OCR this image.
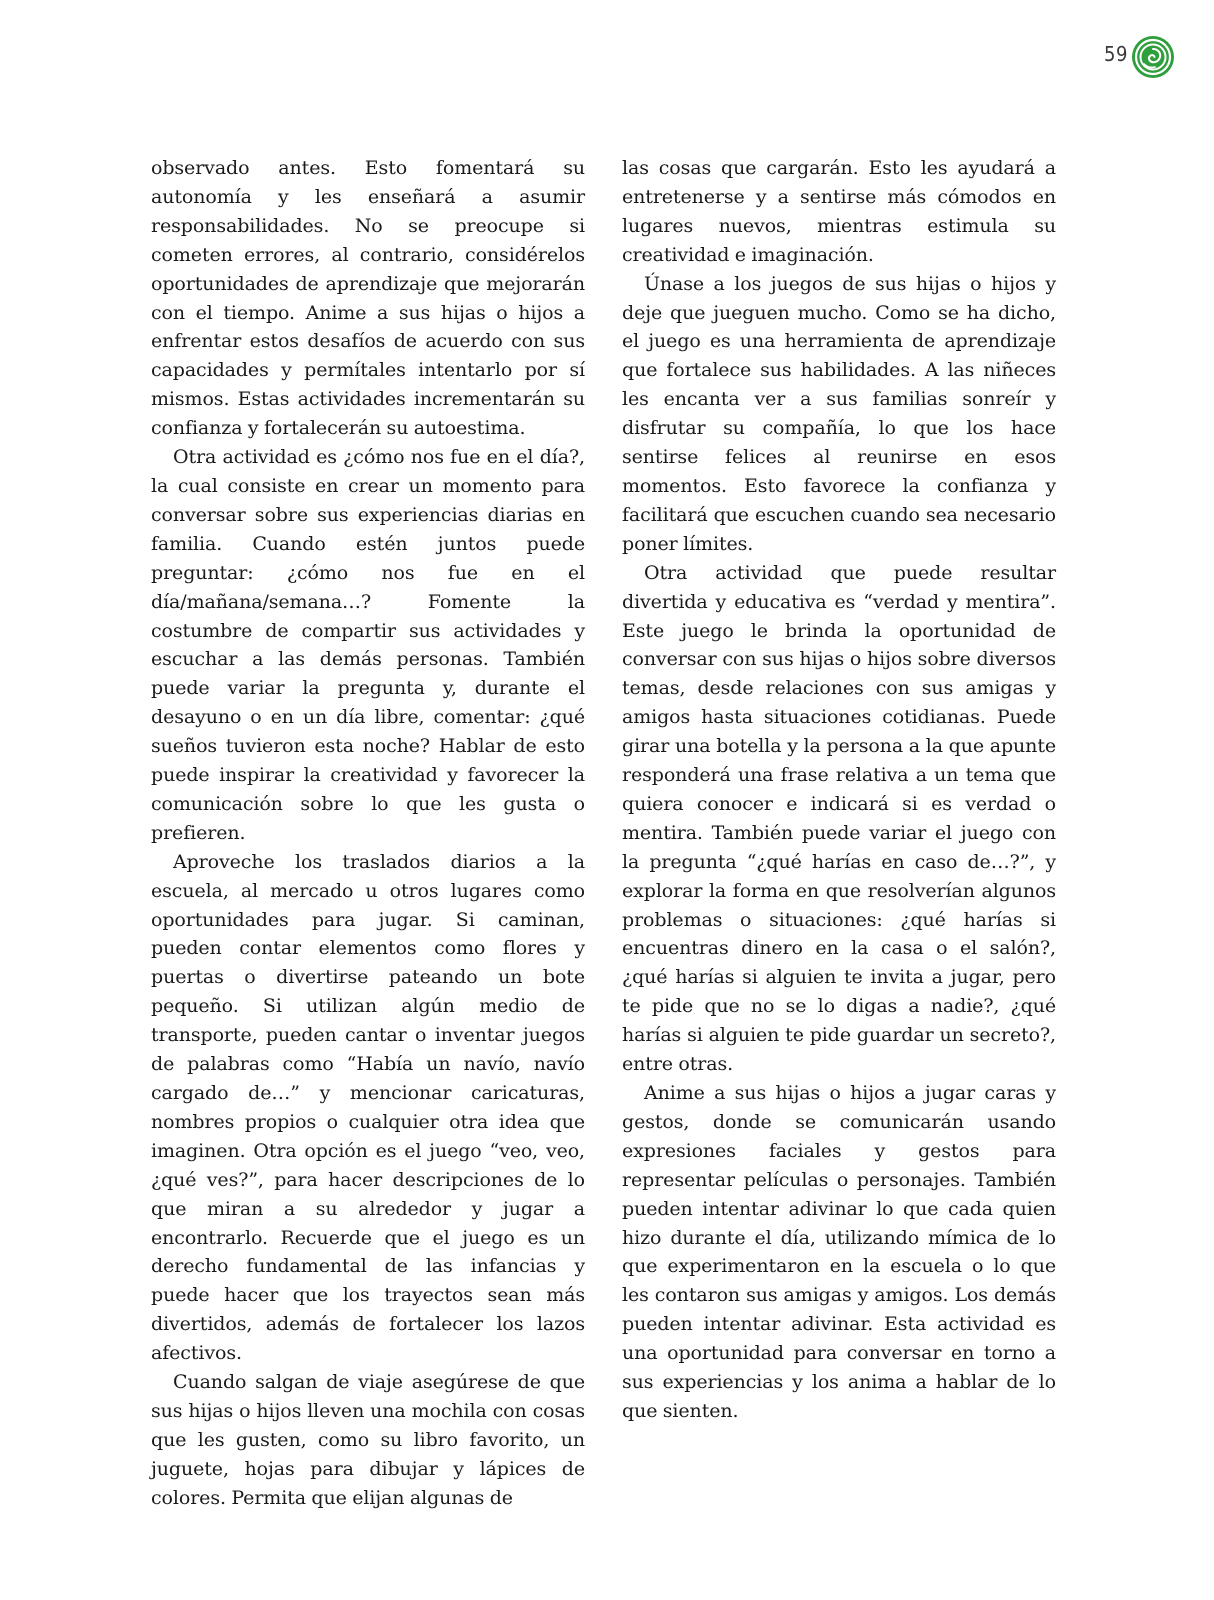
59

observado antes. Esto fomentará su autonomía y les enseñará a asumir responsabilidades. No se preocupe si cometen errores, al contrario, considérelos oportunidades de aprendizaje que mejorarán con el tiempo. Anime a sus hijas o hijos a enfrentar estos desafíos de acuerdo con sus capacidades y permítales intentarlo por sí mismos. Estas actividades incrementarán su confianza y fortalecerán su autoestima.

Otra actividad es ¿cómo nos fue en el día?, la cual consiste en crear un momento para conversar sobre sus experiencias diarias en familia. Cuando estén juntos puede preguntar: ¿cómo nos fue en el día/mañana/semana…? Fomente la costumbre de compartir sus actividades y escuchar a las demás personas. También puede variar la pregunta y, durante el desayuno o en un día libre, comentar: ¿qué sueños tuvieron esta noche? Hablar de esto puede inspirar la creatividad y favorecer la comunicación sobre lo que les gusta o prefieren.

Aproveche los traslados diarios a la escuela, al mercado u otros lugares como oportunidades para jugar. Si caminan, pueden contar elementos como flores y puertas o divertirse pateando un bote pequeño. Si utilizan algún medio de transporte, pueden cantar o inventar juegos de palabras como “Había un navío, navío cargado de…” y mencionar caricaturas, nombres propios o cualquier otra idea que imaginen. Otra opción es el juego “veo, veo, ¿qué ves?”, para hacer descripciones de lo que miran a su alrededor y jugar a encontrarlo. Recuerde que el juego es un derecho fundamental de las infancias y puede hacer que los trayectos sean más divertidos, además de fortalecer los lazos afectivos.

Cuando salgan de viaje asegúrese de que sus hijas o hijos lleven una mochila con cosas que les gusten, como su libro favorito, un juguete, hojas para dibujar y lápices de colores. Permita que elijan algunas de

las cosas que cargarán. Esto les ayudará a entretenerse y a sentirse más cómodos en lugares nuevos, mientras estimula su creatividad e imaginación.

Únase a los juegos de sus hijas o hijos y deje que jueguen mucho. Como se ha dicho, el juego es una herramienta de aprendizaje que fortalece sus habilidades. A las niñeces les encanta ver a sus familias sonreír y disfrutar su compañía, lo que los hace sentirse felices al reunirse en esos momentos. Esto favorece la confianza y facilitará que escuchen cuando sea necesario poner límites.

Otra actividad que puede resultar divertida y educativa es “verdad y mentira”. Este juego le brinda la oportunidad de conversar con sus hijas o hijos sobre diversos temas, desde relaciones con sus amigas y amigos hasta situaciones cotidianas. Puede girar una botella y la persona a la que apunte responderá una frase relativa a un tema que quiera conocer e indicará si es verdad o mentira. También puede variar el juego con la pregunta “¿qué harías en caso de…?”, y explorar la forma en que resolverían algunos problemas o situaciones: ¿qué harías si encuentras dinero en la casa o el salón?, ¿qué harías si alguien te invita a jugar, pero te pide que no se lo digas a nadie?, ¿qué harías si alguien te pide guardar un secreto?, entre otras.

Anime a sus hijas o hijos a jugar caras y gestos, donde se comunicarán usando expresiones faciales y gestos para representar películas o personajes. También pueden intentar adivinar lo que cada quien hizo durante el día, utilizando mímica de lo que experimentaron en la escuela o lo que les contaron sus amigas y amigos. Los demás pueden intentar adivinar. Esta actividad es una oportunidad para conversar en torno a sus experiencias y los anima a hablar de lo que sienten.
